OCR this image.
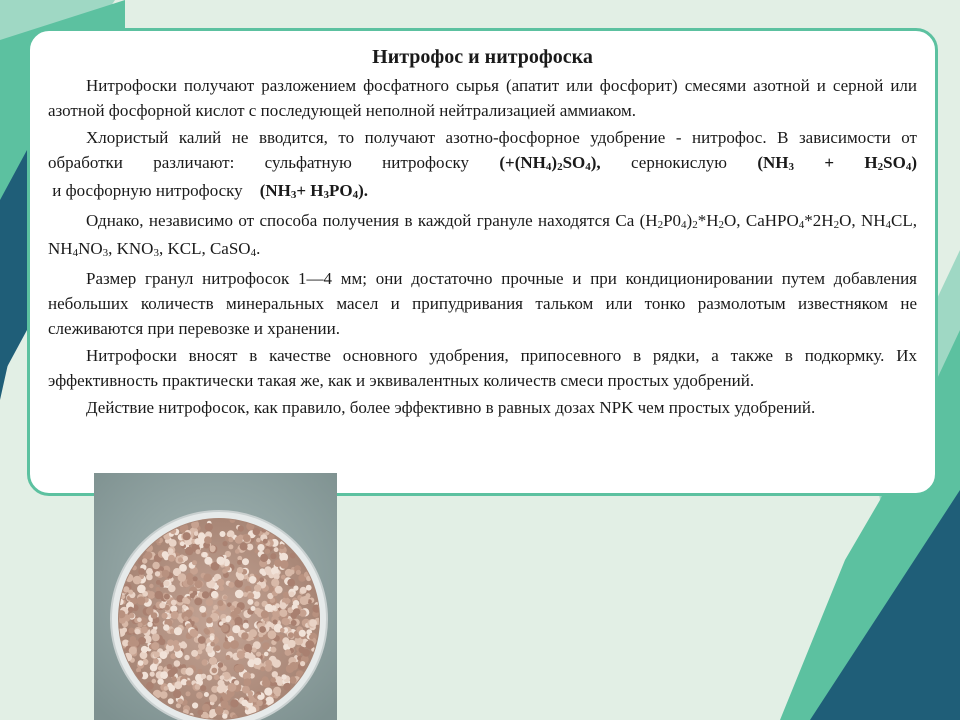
Нитрофос и нитрофоска

Нитрофоски получают разложением фосфатного сырья (апатит или фосфорит) смесями азотной и серной или азотной фосфорной кислот с последующей неполной нейтрализацией аммиаком.

Хлористый калий не вводится, то получают азотно-фосфорное удобрение - нитрофос. В зависимости от обработки различают: сульфатную нитрофоску $(+(NH_4)_2SO_4)$, сернокислую $(NH_3 + H_2SO_4)$ и фосфорную нитрофоску    $(NH_3+ H_3PO_4)$.

Однако, независимо от способа получения в каждой грануле находятся Ca $(H_2P0_4)_2*H_2O$, $CaHPO_4*2H_2O$, $NH_4CL$, $NH_4NO_3$, $KNO_3$, KCL, CaSO$_4$.

Размер гранул нитрофосок 1—4 мм; они достаточно прочные и при кондиционировании путем добавления небольших количеств минеральных масел и припудривания тальком или тонко размолотым известняком не слеживаются при перевозке и хранении.

Нитрофоски вносят в качестве основного удобрения, припосевного в рядки, а также в подкормку. Их эффективность практически такая же, как и эквивалентных количеств смеси простых удобрений.

Действие нитрофосок, как правило, более эффективно в равных дозах NPK чем простых удобрений.
